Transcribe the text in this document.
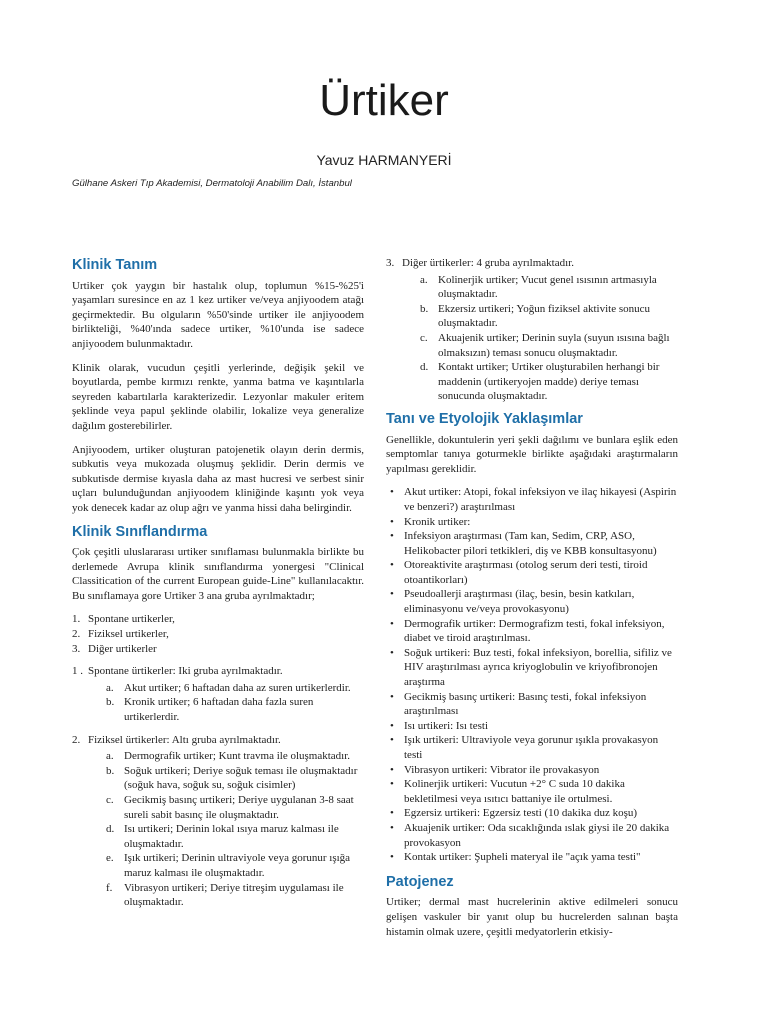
Ürtiker
Yavuz HARMANYERİ
Gülhane Askeri Tıp Akademisi, Dermatoloji Anabilim Dalı, İstanbul
Klinik Tanım

Urtiker çok yaygın bir hastalık olup, toplumun %15-%25'i yaşamları suresince en az 1 kez urtiker ve/veya anjiyoodem atağı geçirmektedir. Bu olguların %50'sinde urtiker ile anjiyoodem birlikteliği, %40'ında sadece urtiker, %10'unda ise sadece anjiyoodem bulunmaktadır.

Klinik olarak, vucudun çeşitli yerlerinde, değişik şekil ve boyutlarda, pembe kırmızı renkte, yanma batma ve kaşıntılarla seyreden kabartılarla karakterizedir. Lezyonlar makuler eritem şeklinde veya papul şeklinde olabilir, lokalize veya generalize dağılım gosterebilirler.

Anjiyoodem, urtiker oluşturan patojenetik olayın derin dermis, subkutis veya mukozada oluşmuş şeklidir. Derin dermis ve subkutisde dermise kıyasla daha az mast hucresi ve serbest sinir uçları bulunduğundan anjiyoodem kliniğinde kaşıntı yok veya yok denecek kadar az olup ağrı ve yanma hissi daha belirgindir.

Klinik Sınıflandırma

Çok çeşitli uluslararası urtiker sınıflaması bulunmakla birlikte bu derlemede Avrupa klinik sınıflandırma yonergesi "Clinical Classitication of the current European guide-Line" kullanılacaktır. Bu sınıflamaya gore Urtiker 3 ana gruba ayrılmaktadır;

1. Spontane urtikerler,
2. Fiziksel urtikerler,
3. Diğer urtikerler
1 . Spontane ürtikerler: Iki gruba ayrılmaktadır.
a. Akut urtiker; 6 haftadan daha az suren urtikerlerdir.
b. Kronik urtiker; 6 haftadan daha fazla suren urtikerlerdir.
2. Fiziksel ürtikerler: Altı gruba ayrılmaktadır.
a. Dermografik urtiker; Kunt travma ile oluşmaktadır.
b. Soğuk urtikeri; Deriye soğuk teması ile oluşmaktadır (soğuk hava, soğuk su, soğuk cisimler)
c. Gecikmiş basınç urtikeri; Deriye uygulanan 3-8 saat sureli sabit basınç ile oluşmaktadır.
d. Isı urtikeri; Derinin lokal ısıya maruz kalması ile oluşmaktadır.
e. Işık urtikeri; Derinin ultraviyole veya gorunur ışığa maruz kalması ile oluşmaktadır.
f. Vibrasyon urtikeri; Deriye titreşim uygulaması ile oluşmaktadır.
3. Diğer ürtikerler: 4 gruba ayrılmaktadır.
a. Kolinerjik urtiker; Vucut genel ısısının artmasıyla oluşmaktadır.
b. Ekzersiz urtikeri; Yoğun fiziksel aktivite sonucu oluşmaktadır.
c. Akuajenik urtiker; Derinin suyla (suyun ısısına bağlı olmaksızın) teması sonucu oluşmaktadır.
d. Kontakt urtiker; Urtiker oluşturabilen herhangi bir maddenin (urtikeryojen madde) deriye teması sonucunda oluşmaktadır.
Tanı ve Etyolojik Yaklaşımlar

Genellikle, dokuntulerin yeri şekli dağılımı ve bunlara eşlik eden semptomlar tanıya goturmekle birlikte aşağıdaki araştırmaların yapılması gereklidir.

• Akut urtiker: Atopi, fokal infeksiyon ve ilaç hikayesi (Aspirin ve benzeri?) araştırılması
• Kronik urtiker:
• Infeksiyon araştırması (Tam kan, Sedim, CRP, ASO, Helikobacter pilori tetkikleri, diş ve KBB konsultasyonu)
• Otoreaktivite araştırması (otolog serum deri testi, tiroid otoantikorları)
• Pseudoallerji araştırması (ilaç, besin, besin katkıları, eliminasyonu ve/veya provokasyonu)
• Dermografik urtiker: Dermografizm testi, fokal infeksiyon, diabet ve tiroid araştırılması.
• Soğuk urtikeri: Buz testi, fokal infeksiyon, borellia, sifiliz ve HIV araştırılması ayrıca kriyoglobulin ve kriyofibronojen araştırma
• Gecikmiş basınç urtikeri: Basınç testi, fokal infeksiyon araştırılması
• Isı urtikeri: Isı testi
• Işık urtikeri: Ultraviyole veya gorunur ışıkla provakasyon testi
• Vibrasyon urtikeri: Vibrator ile provakasyon
• Kolinerjik urtikeri: Vucutun +2° C suda 10 dakika bekletilmesi veya ısıtıcı battaniye ile ortulmesi.
• Egzersiz urtikeri: Egzersiz testi (10 dakika duz koşu)
• Akuajenik urtiker: Oda sıcaklığında ıslak giysi ile 20 dakika provokasyon
• Kontak urtiker: Şupheli materyal ile "açık yama testi"
Patojenez

Urtiker; dermal mast hucrelerinin aktive edilmeleri sonucu gelişen vaskuler bir yanıt olup bu hucrelerden salınan başta histamin olmak uzere, çeşitli medyatorlerin etkisiy-
